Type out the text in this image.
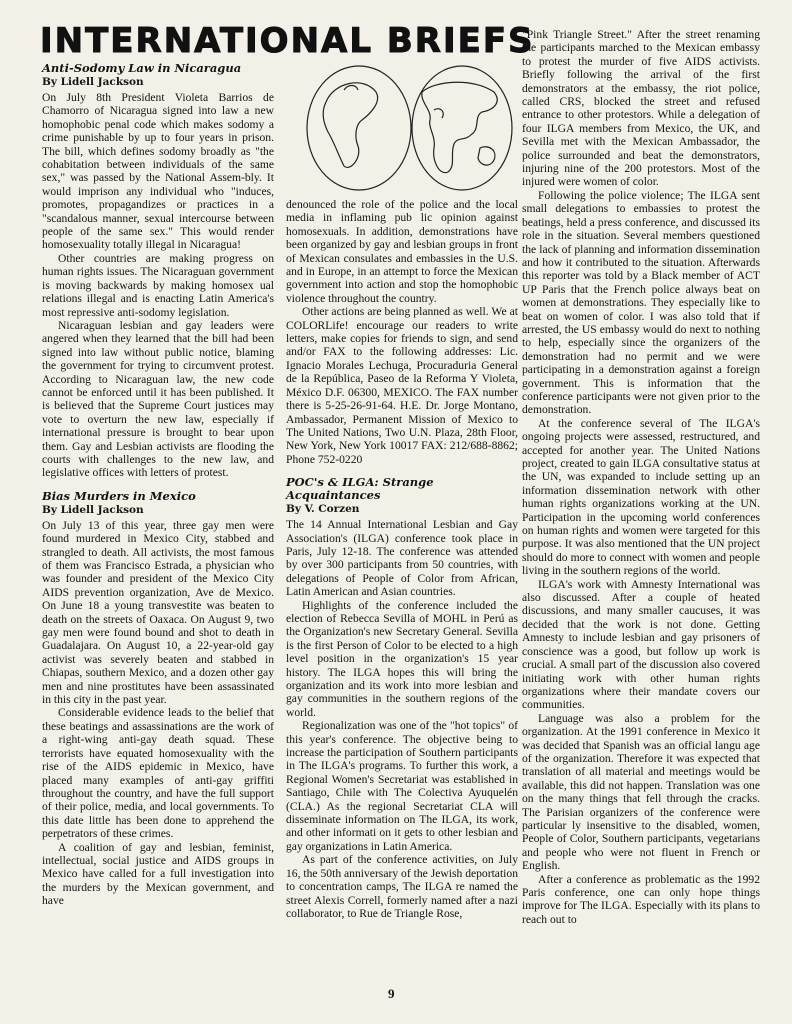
INTERNATIONAL BRIEFS
Anti-Sodomy Law in Nicaragua
By Lidell Jackson

On July 8th President Violeta Barrios de Chamorro of Nicaragua signed into law a new homophobic penal code which makes sodomy a crime punishable by up to four years in prison. The bill, which defines sodomy broadly as "the cohabitation between individuals of the same sex," was passed by the National Assem-bly. It would imprison any individual who "induces, promotes, propagandizes or practices in a "scandalous manner, sexual intercourse between people of the same sex." This would render homosexuality totally illegal in Nicaragua!

Other countries are making progress on human rights issues. The Nicaraguan government is moving backwards by making homosex ual relations illegal and is enacting Latin America's most repressive anti-sodomy legislation.

Nicaraguan lesbian and gay leaders were angered when they learned that the bill had been signed into law without public notice, blaming the government for trying to circumvent protest. According to Nicaraguan law, the new code cannot be enforced until it has been published. It is believed that the Supreme Court justices may vote to overturn the new law, especially if international pressure is brought to bear upon them. Gay and Lesbian activists are flooding the courts with challenges to the new law, and legislative offices with letters of protest.

Bias Murders in Mexico
By Lidell Jackson

On July 13 of this year, three gay men were found murdered in Mexico City, stabbed and strangled to death. All activists, the most famous of them was Francisco Estrada, a physician who was founder and president of the Mexico City AIDS prevention organization, Ave de Mexico. On June 18 a young transvestite was beaten to death on the streets of Oaxaca. On August 9, two gay men were found bound and shot to death in Guadalajara. On August 10, a 22-year-old gay activist was severely beaten and stabbed in Chiapas, southern Mexico, and a dozen other gay men and nine prostitutes have been assassinated in this city in the past year.

Considerable evidence leads to the belief that these beatings and assassinations are the work of a right-wing anti-gay death squad. These terrorists have equated homosexuality with the rise of the AIDS epidemic in Mexico, have placed many examples of anti-gay griffiti throughout the country, and have the full support of their police, media, and local governments. To this date little has been done to apprehend the perpetrators of these crimes.

A coalition of gay and lesbian, feminist, intellectual, social justice and AIDS groups in Mexico have called for a full investigation into the murders by the Mexican government, and have

denounced the role of the police and the local media in inflaming pub lic opinion against homosexuals. In addition, demonstrations have been organized by gay and lesbian groups in front of Mexican consulates and embassies in the U.S. and in Europe, in an attempt to force the Mexican government into action and stop the homophobic violence throughout the country.

Other actions are being planned as well. We at COLORLife! encourage our readers to write letters, make copies for friends to sign, and send and/or FAX to the following addresses: Lic. Ignacio Morales Lechuga, Procuraduria General de la República, Paseo de la Reforma Y Violeta, México D.F. 06300, MEXICO. The FAX number there is 5-25-26-91-64. H.E. Dr. Jorge Montano, Ambassador, Permanent Mission of Mexico to The United Nations, Two U.N. Plaza, 28th Floor, New York, New York 10017 FAX: 212/688-8862; Phone 752-0220

POC's & ILGA: Strange Acquaintances
By V. Corzen

The 14 Annual International Lesbian and Gay Association's (ILGA) conference took place in Paris, July 12-18. The conference was attended by over 300 participants from 50 countries, with delegations of People of Color from African, Latin American and Asian countries.

Highlights of the conference included the election of Rebecca Sevilla of MOHL in Perú as the Organization's new Secretary General. Sevilla is the first Person of Color to be elected to a high level position in the organization's 15 year history. The ILGA hopes this will bring the organization and its work into more lesbian and gay communities in the southern regions of the world.

Regionalization was one of the "hot topics" of this year's conference. The objective being to increase the participation of Southern participants in The ILGA's programs. To further this work, a Regional Women's Secretariat was established in Santiago, Chile with The Colectiva Ayuquelén (CLA.) As the regional Secretariat CLA will disseminate information on The ILGA, its work, and other informati on it gets to other lesbian and gay organizations in Latin America.

As part of the conference activities, on July 16, the 50th anniversary of the Jewish deportation to concentration camps, The ILGA re named the street Alexis Correll, formerly named after a nazi collaborator, to Rue de Triangle Rose,

"Pink Triangle Street." After the street renaming the participants marched to the Mexican embassy to protest the murder of five AIDS activists. Briefly following the arrival of the first demonstrators at the embassy, the riot police, called CRS, blocked the street and refused entrance to other protestors. While a delegation of four ILGA members from Mexico, the UK, and Sevilla met with the Mexican Ambassador, the police surrounded and beat the demonstrators, injuring nine of the 200 protestors. Most of the injured were women of color.

Following the police violence; The ILGA sent small delegations to embassies to protest the beatings, held a press conference, and discussed its role in the situation. Several members questioned the lack of planning and information dissemination and how it contributed to the situation. Afterwards this reporter was told by a Black member of ACT UP Paris that the French police always beat on women at demonstrations. They especially like to beat on women of color. I was also told that if arrested, the US embassy would do next to nothing to help, especially since the organizers of the demonstration had no permit and we were participating in a demonstration against a foreign government. This is information that the conference participants were not given prior to the demonstration.

At the conference several of The ILGA's ongoing projects were assessed, restructured, and accepted for another year. The United Nations project, created to gain ILGA consultative status at the UN, was expanded to include setting up an information dissemination network with other human rights organizations working at the UN. Participation in the upcoming world conferences on human rights and women were targeted for this purpose. It was also mentioned that the UN project should do more to connect with women and people living in the southern regions of the world.

ILGA's work with Amnesty International was also discussed. After a couple of heated discussions, and many smaller caucuses, it was decided that the work is not done. Getting Amnesty to include lesbian and gay prisoners of conscience was a good, but follow up work is crucial. A small part of the discussion also covered initiating work with other human rights organizations where their mandate covers our communities.

Language was also a problem for the organization. At the 1991 conference in Mexico it was decided that Spanish was an official langu age of the organization. Therefore it was expected that translation of all material and meetings would be available, this did not happen. Translation was one on the many things that fell through the cracks. The Parisian organizers of the conference were particular ly insensitive to the disabled, women, People of Color, Southern participants, vegetarians and people who were not fluent in French or English.

After a conference as problematic as the 1992 Paris conference, one can only hope things improve for The ILGA. Especially with its plans to reach out to

9
